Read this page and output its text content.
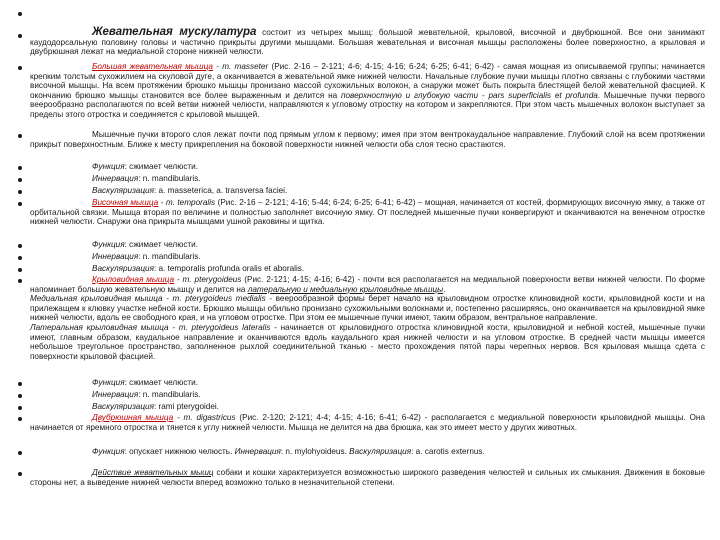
Жевательная мускулатура состоит из четырех мышц: большой жевательной, крыловой, височной и двубрюшной. Все они занимают каудодорсальную половину головы и частично прикрыты другими мышцами. Большая жевательная и височная мышцы расположены более поверхностно, а крыловая и двубрюшная лежат на медиальной стороне нижней челюсти.
Большая жевательная мышца - m. masseter (Рис. 2-16 – 2-121; 4-6; 4-15; 4-16; 6-24; 6-25; 6-41; 6-42) - самая мощная из описываемой группы; начинается крепким толстым сухожилием на скуловой дуге, а оканчивается в жевательной ямке нижней челюсти. Начальные глубокие пучки мышцы плотно связаны с глубокими частями височной мышцы. На всем протяжении брюшко мышцы пронизано массой сухожильных волокон, а снаружи может быть покрыта блестящей белой жевательной фасцией. К окончанию брюшко мышцы становится все более выраженным и делится на поверхностную и глубокую части - pars superficialis et profunda. Мышечные пучки первого веерообразно располагаются по всей ветви нижней челюсти, направляются к угловому отростку на котором и закрепляются. При этом часть мышечных волокон выступает за пределы этого отростка и соединяется с крыловой мышцей.
Мышечные пучки второго слоя лежат почти под прямым углом к первому; имея при этом вентрокаудальное направление. Глубокий слой на всем протяжении прикрыт поверхностным. Ближе к месту прикрепления на боковой поверхности нижней челюсти оба слоя тесно срастаются.
Функция: сжимает челюсти.
Иннервация: n. mandibularis.
Васкуляризация: a. masseterica, a. transversa faciei.
Височная мышца - m. temporalis (Рис. 2-16 – 2-121; 4-16; 5-44; 6-24; 6-25; 6-41; 6-42) – мощная, начинается от костей, формирующих височную ямку, а также от орбитальной связки. Мышца вторая по величине и полностью заполняет височную ямку. От последней мышечные пучки конвергируют и оканчиваются на венечном отростке нижней челюсти. Снаружи она прикрыта мышцами ушной раковины и щитка.
Функция: сжимает челюсти.
Иннервация: n. mandibularis.
Васкуляризация: a. temporalis profunda oralis et aboralis.
Крыловидная мышца - m. pterygoideus (Рис. 2-121; 4-15; 4-16; 6-42) - почти вся располагается на медиальной поверхности ветви нижней челюсти. По форме напоминает большую жевательную мышцу и делится на латеральную и медиальную крыловидные мышцы.
Медиальная крыловидная мышца - m. pterygoideus medialis - веерообразной формы берет начало на крыловидном отростке клиновидной кости, крыловидной кости и на прилежащем к клювку участке небной кости. Брюшко мышцы обильно пронизано сухожильными волокнами и, постепенно расширяясь, оно оканчивается на крыловидной ямке нижней челюсти, вдоль ее свободного края, и на угловом отростке. При этом ее мышечные пучки имеют, таким образом, вентральное направление.
Латеральная крыловидная мышца - m. pterygoideus lateralis - начинается от крыловидного отростка клиновидной кости, крыловидной и небной костей, мышечные пучки имеют, главным образом, каудальное направление и оканчиваются вдоль каудального края нижней челюсти и на угловом отростке. В средней части мышцы имеется небольшое треугольное пространство, заполненное рыхлой соединительной тканью - место прохождения пятой пары черепных нервов. Вся крыловая мышца сдета с поверхности крыловой фасцией.
Функция: сжимает челюсти.
Иннервация: n. mandibularis.
Васкуляризация: rami pterygoidei.
Двубрюшная мышца - m. digastricus (Рис. 2-120; 2-121; 4-4; 4-15; 4-16; 6-41; 6-42) - располагается с медиальной поверхности крыловидной мышцы. Она начинается от яремного отростка и тянется к углу нижней челюсти. Мышца не делится на два брюшка, как это имеет место у других животных.
Функция: опускает нижнюю челюсть. Иннервация: n. mylohyoideus. Васкуляризация: a. carotis externus.
Действие жевательных мышц собаки и кошки характеризуется возможностью широкого разведения челюстей и сильных их смыкания. Движения в боковые стороны нет, а выведение нижней челюсти вперед возможно только в незначительной степени.
